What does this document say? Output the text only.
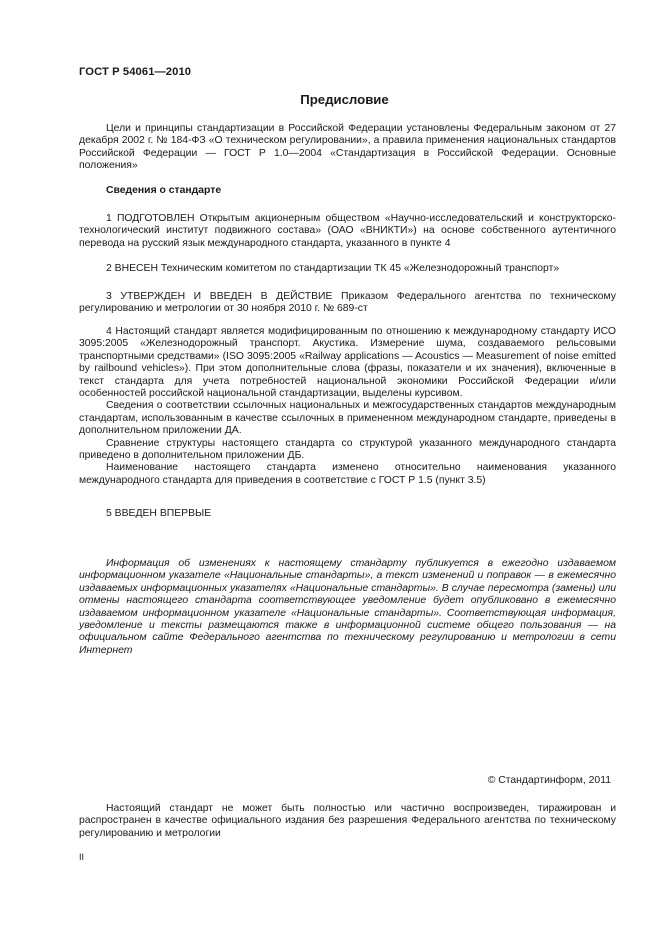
ГОСТ Р 54061—2010
Предисловие

Цели и принципы стандартизации в Российской Федерации установлены Федеральным законом от 27 декабря 2002 г. № 184-ФЗ «О техническом регулировании», а правила применения национальных стандартов Российской Федерации — ГОСТ Р 1.0—2004 «Стандартизация в Российской Федерации. Основные положения»

Сведения о стандарте

1 ПОДГОТОВЛЕН Открытым акционерным обществом «Научно-исследовательский и конструкторско-технологический институт подвижного состава» (ОАО «ВНИКТИ») на основе собственного аутентичного перевода на русский язык международного стандарта, указанного в пункте 4

2 ВНЕСЕН Техническим комитетом по стандартизации ТК 45 «Железнодорожный транспорт»

3 УТВЕРЖДЕН И ВВЕДЕН В ДЕЙСТВИЕ Приказом Федерального агентства по техническому регулированию и метрологии от 30 ноября 2010 г. № 689-ст

4 Настоящий стандарт является модифицированным по отношению к международному стандарту ИСО 3095:2005 «Железнодорожный транспорт. Акустика. Измерение шума, создаваемого рельсовыми транспортными средствами» (ISO 3095:2005 «Railway applications — Acoustics — Measurement of noise emitted by railbound vehicles»). При этом дополнительные слова (фразы, показатели и их значения), включенные в текст стандарта для учета потребностей национальной экономики Российской Федерации и/или особенностей российской национальной стандартизации, выделены курсивом.

Сведения о соответствии ссылочных национальных и межгосударственных стандартов международным стандартам, использованным в качестве ссылочных в примененном международном стандарте, приведены в дополнительном приложении ДА.

Сравнение структуры настоящего стандарта со структурой указанного международного стандарта приведено в дополнительном приложении ДБ.

Наименование настоящего стандарта изменено относительно наименования указанного международного стандарта для приведения в соответствие с ГОСТ Р 1.5 (пункт 3.5)

5 ВВЕДЕН ВПЕРВЫЕ

Информация об изменениях к настоящему стандарту публикуется в ежегодно издаваемом информационном указателе «Национальные стандарты», а текст изменений и поправок — в ежемесячно издаваемых информационных указателях «Национальные стандарты». В случае пересмотра (замены) или отмены настоящего стандарта соответствующее уведомление будет опубликовано в ежемесячно издаваемом информационном указателе «Национальные стандарты». Соответствующая информация, уведомление и тексты размещаются также в информационной системе общего пользования — на официальном сайте Федерального агентства по техническому регулированию и метрологии в сети Интернет

© Стандартинформ, 2011

Настоящий стандарт не может быть полностью или частично воспроизведен, тиражирован и распространен в качестве официального издания без разрешения Федерального агентства по техническому регулированию и метрологии

II
